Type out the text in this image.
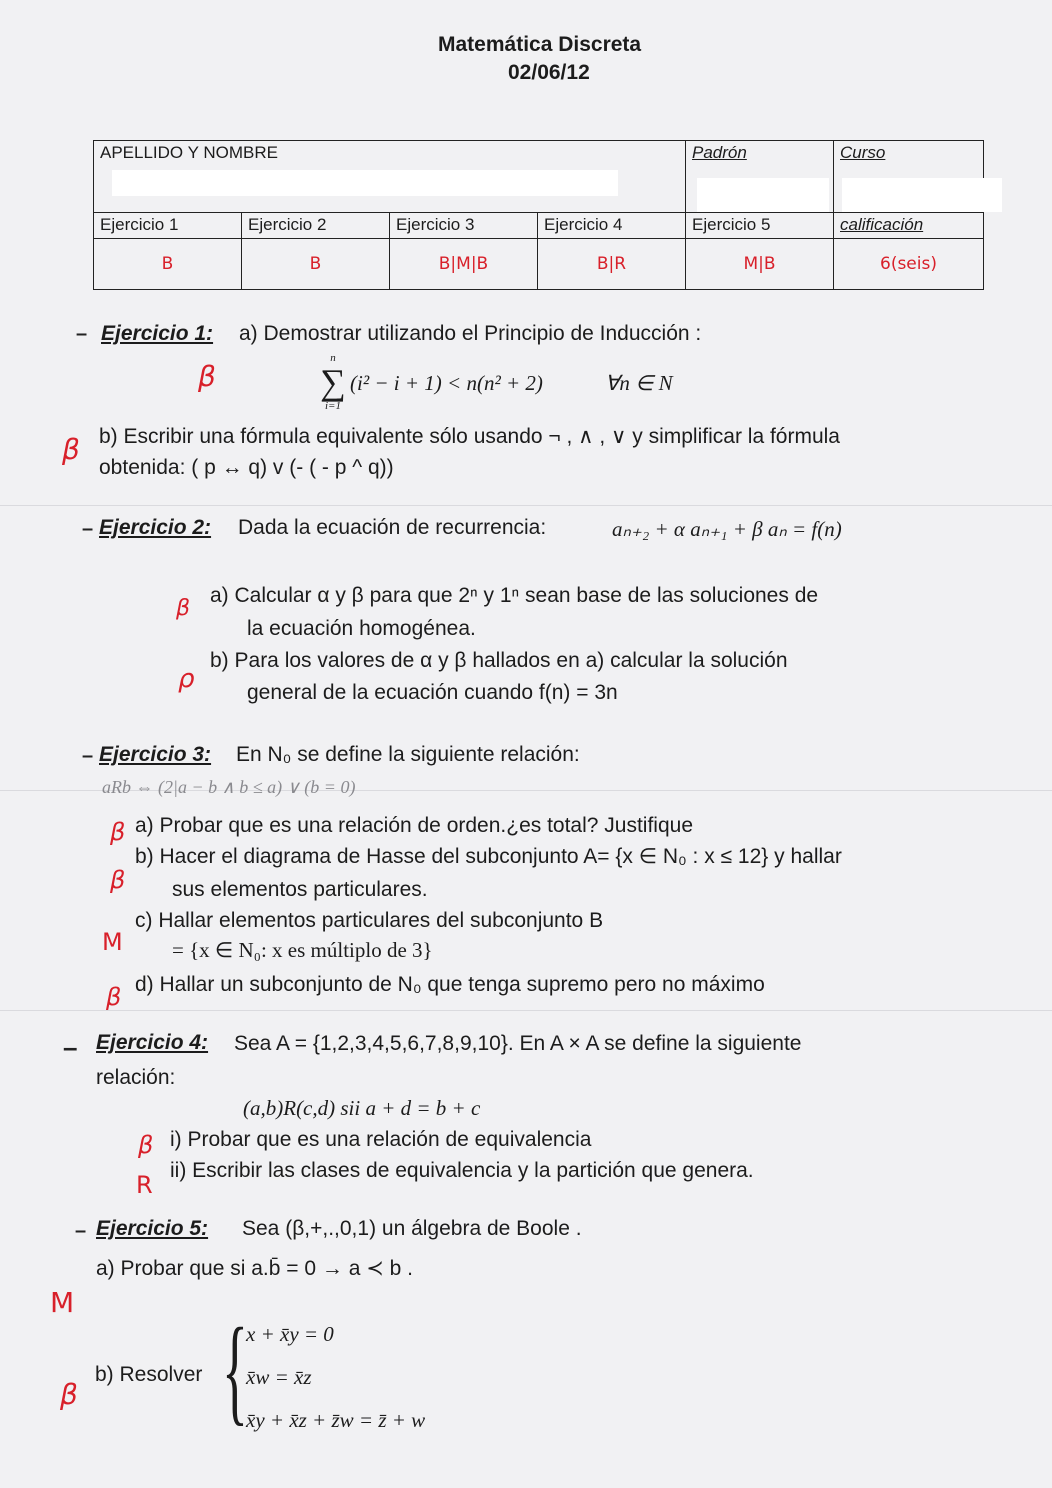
Matemática Discreta
02/06/12
APELLIDO Y NOMBRE				Padrón	Curso
Ejercicio 1	Ejercicio 2	Ejercicio 3	Ejercicio 4	Ejercicio 5	calificación
B	B	B|M|B	B|R	M|B	6(seis)
– Ejercicio 1: a) Demostrar utilizando el Principio de Inducción :
β
n
∑
i=1
(i² − i + 1) < n(n² + 2)	∀n ∈ N
β b) Escribir una fórmula equivalente sólo usando ¬ , ∧ , ∨ y simplificar la fórmula
obtenida: ( p ↔ q) v (- ( - p ^ q))
– Ejercicio 2: Dada la ecuación de recurrencia:	aₙ₊₂ + α aₙ₊₁ + β aₙ = f(n)
β
a) Calcular α y β para que 2ⁿ y 1ⁿ sean base de las soluciones de
la ecuación homogénea.
ρ
b) Para los valores de α y β hallados en a) calcular la solución
general de la ecuación cuando f(n) = 3n
– Ejercicio 3: En N₀ se define la siguiente relación:
aRb ⇔ (2|a − b ∧ b ≤ a) ∨ (b = 0)
β a) Probar que es una relación de orden.¿es total? Justifique
β
b) Hacer el diagrama de Hasse del subconjunto A= {x ∈ N₀ : x ≤ 12} y hallar
sus elementos particulares.
M
c) Hallar elementos particulares del subconjunto B
= {x ∈ N₀: x es múltiplo de 3}
β d) Hallar un subconjunto de N₀ que tenga supremo pero no máximo
– Ejercicio 4: Sea A = {1,2,3,4,5,6,7,8,9,10}. En A × A se define la siguiente
relación:
(a,b)R(c,d) sii a + d = b + c
β i) Probar que es una relación de equivalencia
R
ii) Escribir las clases de equivalencia y la partición que genera.
– Ejercicio 5: Sea (β,+,.,0,1) un álgebra de Boole .
a) Probar que si a.b̄ = 0 → a ≺ b .
M
β
b) Resolver {
x + x̄y = 0
x̄w = x̄z
x̄y + x̄z + z̄w = z̄ + w
